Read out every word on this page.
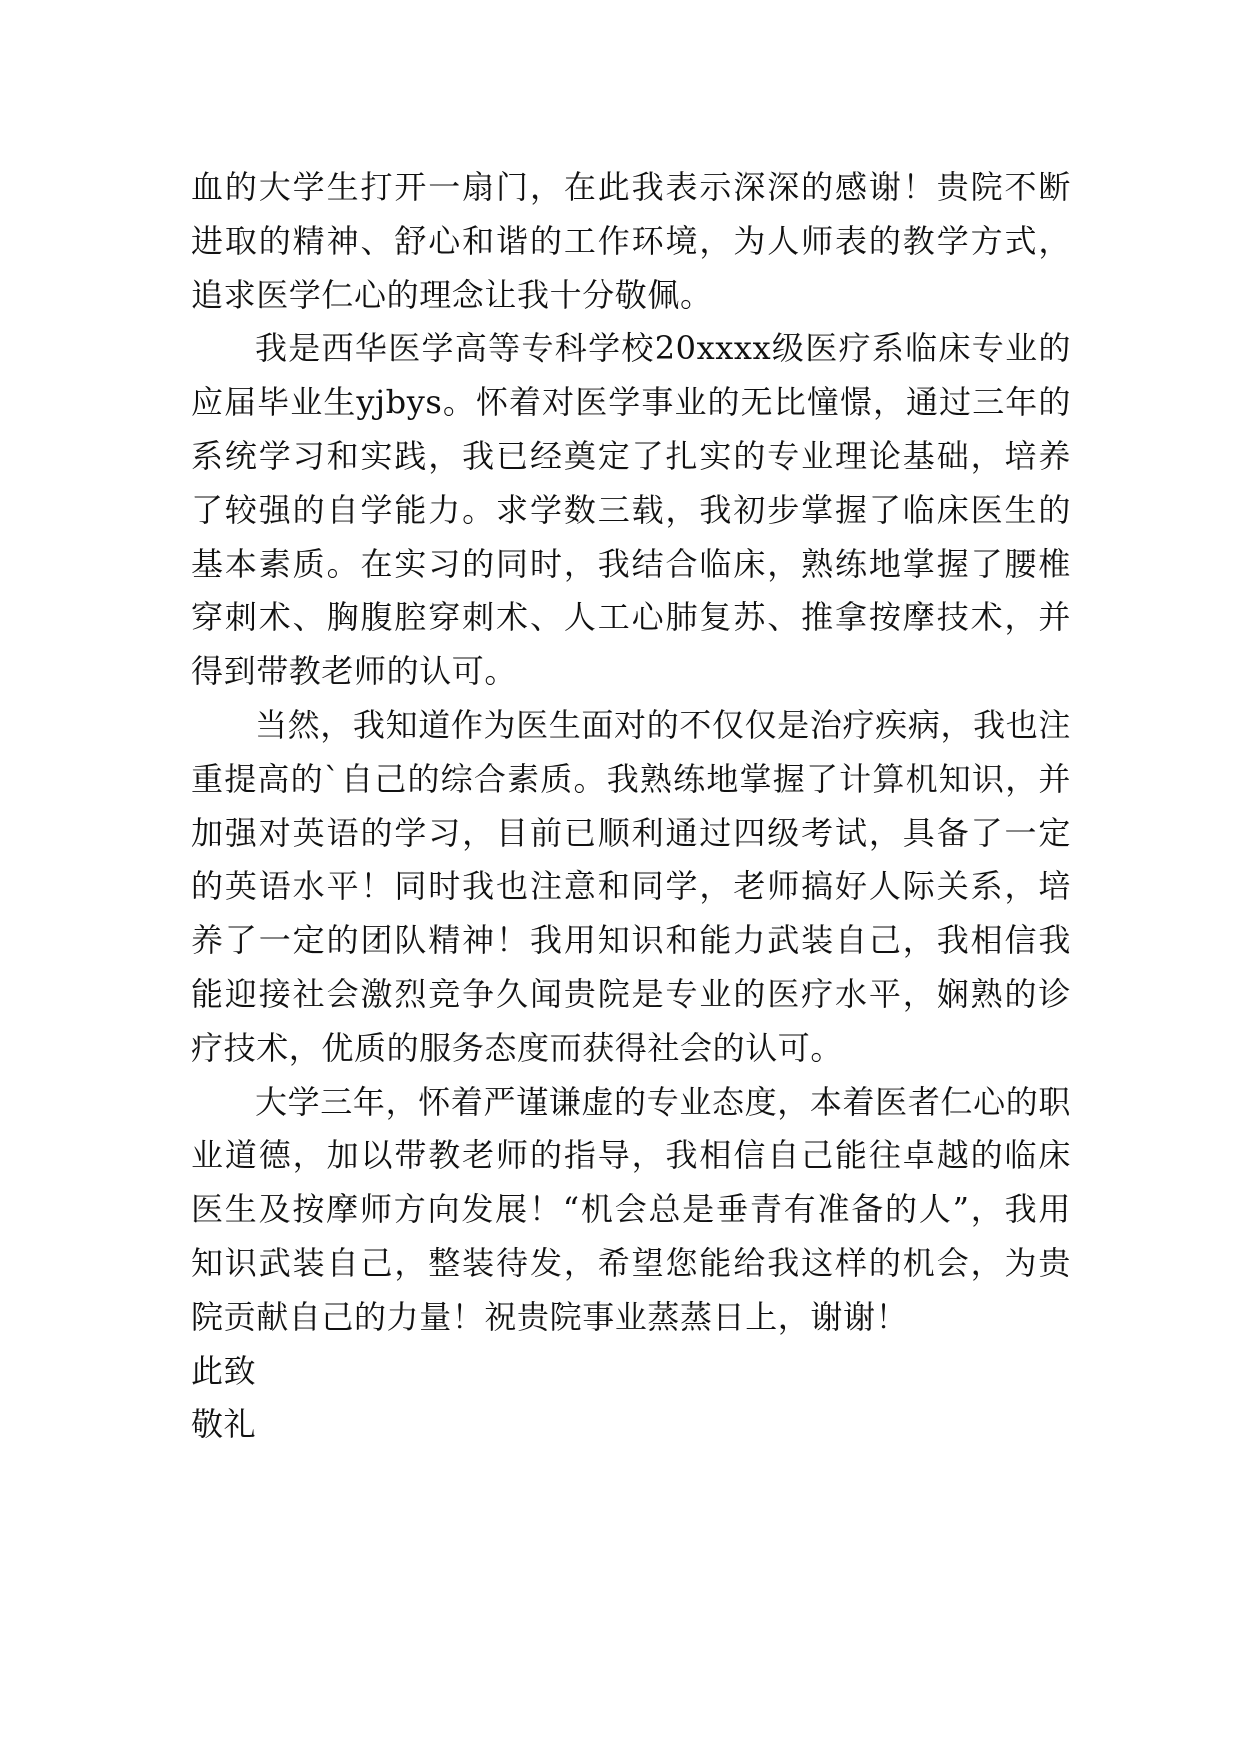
血的大学生打开一扇门，在此我表示深深的感谢！贵院不断进取的精神、舒心和谐的工作环境，为人师表的教学方式，追求医学仁心的理念让我十分敬佩。

我是西华医学高等专科学校20xxxx级医疗系临床专业的应届毕业生yjbys。怀着对医学事业的无比憧憬，通过三年的系统学习和实践，我已经奠定了扎实的专业理论基础，培养了较强的自学能力。求学数三载，我初步掌握了临床医生的基本素质。在实习的同时，我结合临床，熟练地掌握了腰椎穿刺术、胸腹腔穿刺术、人工心肺复苏、推拿按摩技术，并得到带教老师的认可。

当然，我知道作为医生面对的不仅仅是治疗疾病，我也注重提高的`自己的综合素质。我熟练地掌握了计算机知识，并加强对英语的学习，目前已顺利通过四级考试，具备了一定的英语水平！同时我也注意和同学，老师搞好人际关系，培养了一定的团队精神！我用知识和能力武装自己，我相信我能迎接社会激烈竞争久闻贵院是专业的医疗水平，娴熟的诊疗技术，优质的服务态度而获得社会的认可。

大学三年，怀着严谨谦虚的专业态度，本着医者仁心的职业道德，加以带教老师的指导，我相信自己能往卓越的临床医生及按摩师方向发展！“机会总是垂青有准备的人”，我用知识武装自己，整装待发，希望您能给我这样的机会，为贵院贡献自己的力量！祝贵院事业蒸蒸日上，谢谢！

此致

敬礼
